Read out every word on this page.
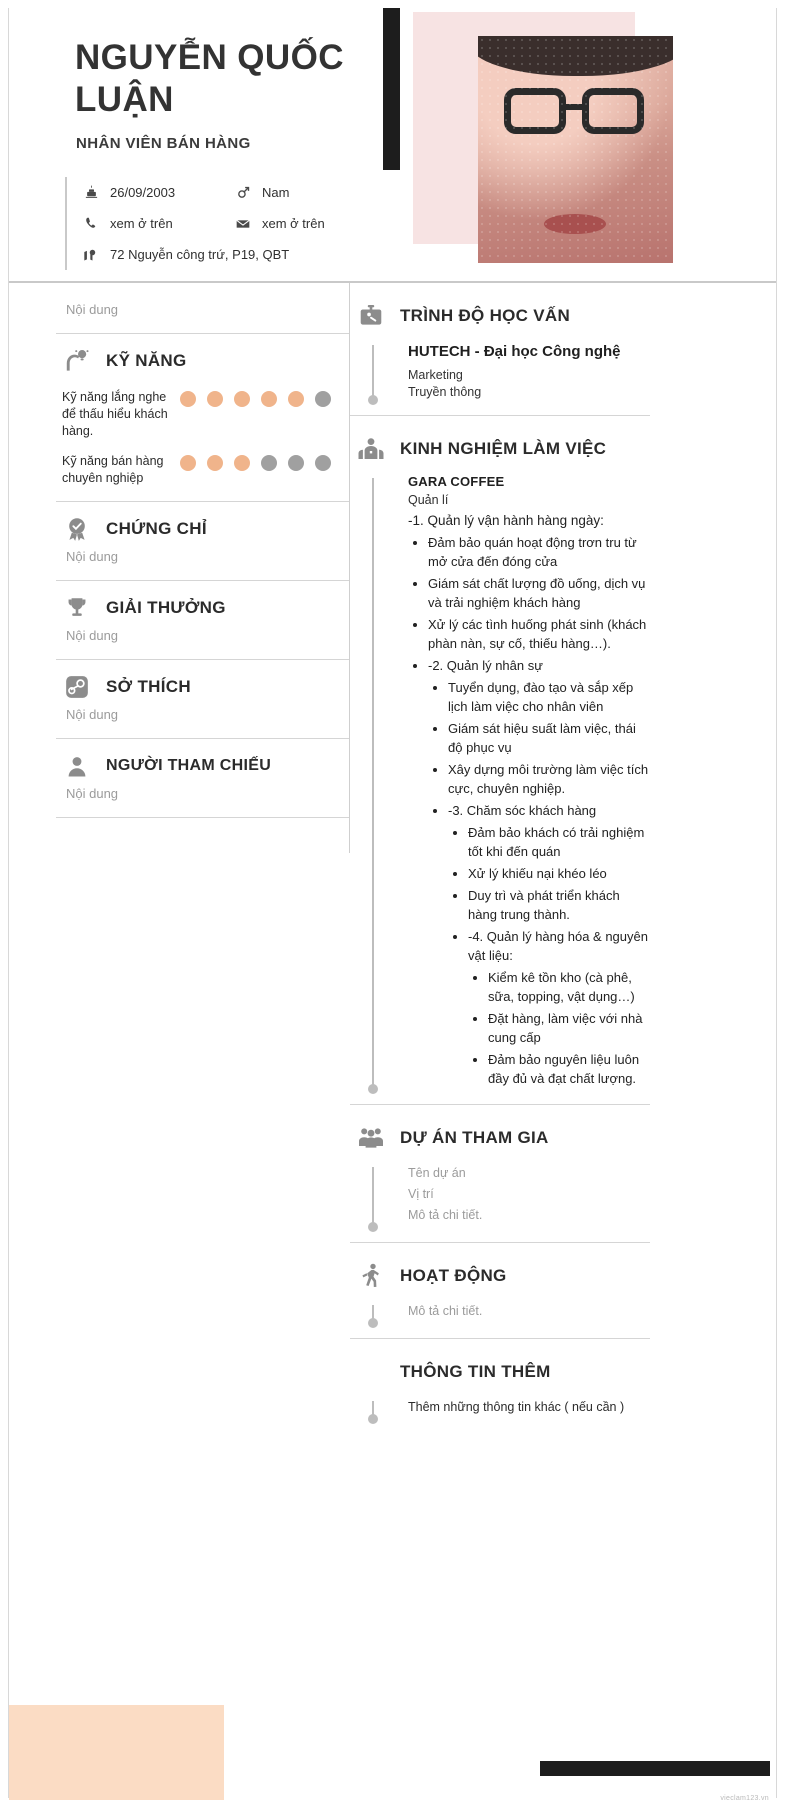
NGUYỄN QUỐC LUẬN
NHÂN VIÊN BÁN HÀNG
26/09/2003	Nam
xem ở trên	xem ở trên
72 Nguyễn công trứ, P19, QBT
Nội dung
KỸ NĂNG
Kỹ năng lắng nghe để thấu hiểu khách hàng.
Kỹ năng bán hàng chuyên nghiệp
CHỨNG CHỈ
Nội dung
GIẢI THƯỞNG
Nội dung
SỞ THÍCH
Nội dung
NGƯỜI THAM CHIẾU
Nội dung
TRÌNH ĐỘ HỌC VẤN
HUTECH - Đại học Công nghệ
Marketing
Truyền thông
KINH NGHIỆM LÀM VIỆC
GARA COFFEE
Quản lí
-1. Quản lý vận hành hàng ngày:
• Đảm bảo quán hoạt động trơn tru từ mở cửa đến đóng cửa
• Giám sát chất lượng đồ uống, dịch vụ và trải nghiệm khách hàng
• Xử lý các tình huống phát sinh (khách phàn nàn, sự cố, thiếu hàng…).
• -2. Quản lý nhân sự
• Tuyển dụng, đào tạo và sắp xếp lịch làm việc cho nhân viên
• Giám sát hiệu suất làm việc, thái độ phục vụ
• Xây dựng môi trường làm việc tích cực, chuyên nghiệp.
• -3. Chăm sóc khách hàng
• Đảm bảo khách có trải nghiệm tốt khi đến quán
• Xử lý khiếu nại khéo léo
• Duy trì và phát triển khách hàng trung thành.
• -4. Quản lý hàng hóa & nguyên vật liệu:
• Kiểm kê tồn kho (cà phê, sữa, topping, vật dụng…)
• Đặt hàng, làm việc với nhà cung cấp
• Đảm bảo nguyên liệu luôn đầy đủ và đạt chất lượng.
DỰ ÁN THAM GIA
Tên dự án
Vị trí
Mô tả chi tiết.
HOẠT ĐỘNG
Mô tả chi tiết.
THÔNG TIN THÊM
Thêm những thông tin khác ( nếu cần )
vieclam123.vn
